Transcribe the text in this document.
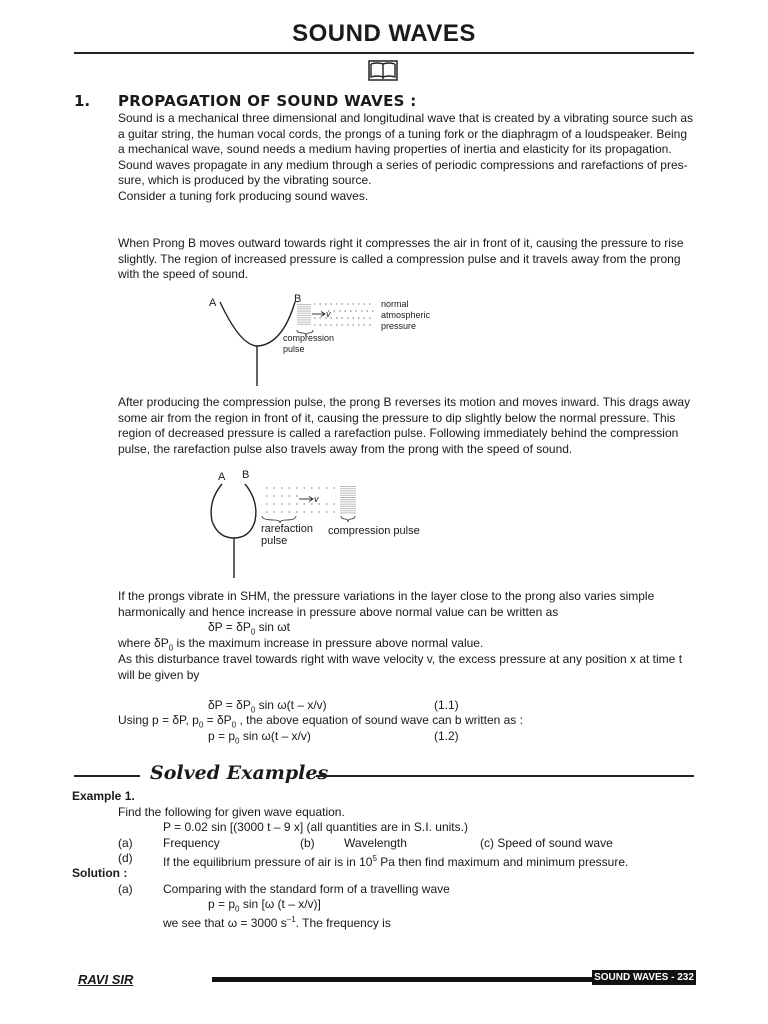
SOUND WAVES
1. PROPAGATION OF SOUND WAVES :
Sound is a mechanical three dimensional and longitudinal wave that is created by a vibrating source such as
a guitar string, the human vocal cords, the prongs of a tuning fork or the diaphragm of a loudspeaker. Being
a mechanical wave, sound needs a medium having properties of inertia and elasticity for its propagation.
Sound waves propagate in any medium through a series of periodic compressions and rarefactions of pres-
sure, which is produced by the vibrating source.
Consider a tuning fork producing sound waves.
When Prong B moves outward towards right it compresses the air in front of it, causing the pressure to rise
slightly. The region of increased pressure is called a compression pulse and it travels away from the prong
with the speed of sound.
A	B
v
compression
pulse
normal
atmospheric
pressure
After producing the compression pulse, the prong B reverses its motion and moves inward. This drags away
some air from the region in front of it, causing the pressure to dip slightly below the normal pressure. This
region of decreased pressure is called a rarefaction pulse. Following immediately behind the compression
pulse, the rarefaction pulse also travels away from the prong with the speed of sound.
A B
v
rarefaction
pulse
compression pulse
If the prongs vibrate in SHM, the pressure variations in the layer close to the prong also varies simple
harmonically and hence increase in pressure above normal value can be written as
$\delta P = \delta P_0$ sin ωt
where $\delta P_0$ is the maximum increase in pressure above normal value.
As this disturbance travel towards right with wave velocity v, the excess pressure at any position x at time t
will be given by
$\delta P = \delta P_0$ sin ω(t – x/v)	(1.1)
Using p = δP, $p_0 = \delta P_0$ , the above equation of sound wave can b written as :
$p = p_0$ sin ω(t – x/v)	(1.2)
Solved Examples
Example 1.
Find the following for given wave equation.
P = 0.02 sin [(3000 t – 9 x] (all quantities are in S.I. units.)
(a)	Frequency	(b) Wavelength	(c) Speed of sound wave
(d)	If the equilibrium pressure of air is in $10^5$ Pa then find maximum and minimum pressure.
Solution :
(a)	Comparing with the standard form of a travelling wave
$p = p_0$ sin [ω (t – x/v)]
we see that ω = 3000 $s^{-1}$. The frequency is
RAVI SIR	SOUND WAVES - 232
